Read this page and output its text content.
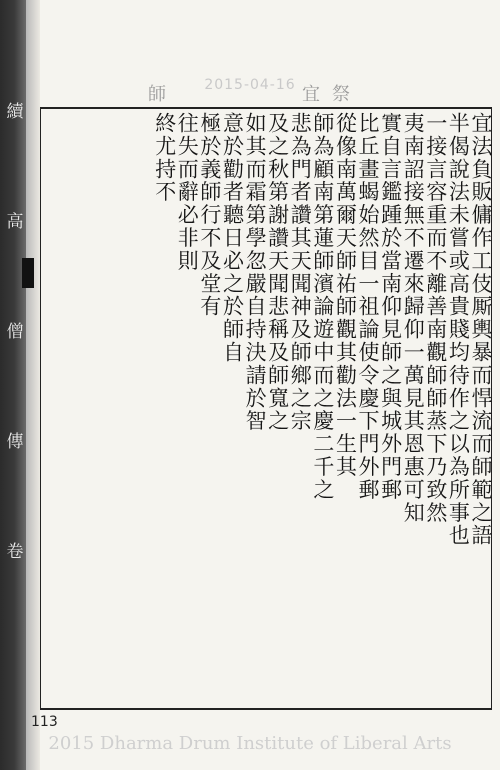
續
高
僧
傳
卷
2015-04-16
師	宜 祭
宜法負販傭作工伎厮輿暴而悍流而師範之語
半偈說法未嘗或高貴賤均待作之以為所事也
一接言容重而不離善南觀師師蒸下乃致然
夷南詔接無不遷來歸仰一萬見其恩惠可知
實自言鑑踵於當南仰見師之與城外門郵
比丘畫蝎始然目一祖論使令慶下門外郵
從像南萬爾天師祐師觀其勸法一生其
師為顧南第蓮師濱論遊中而之慶二千之
悲為門者讚其天聞神及師鄉之宗
及之秋第謝讚天聞悲稱及師寬之
如其而霜第學忽嚴自持決請於智
意於勸者聽日必之於師自
極於義師行不及堂有
往失而辭必非則
終尤持不
113
2015 Dharma Drum Institute of Liberal Arts
